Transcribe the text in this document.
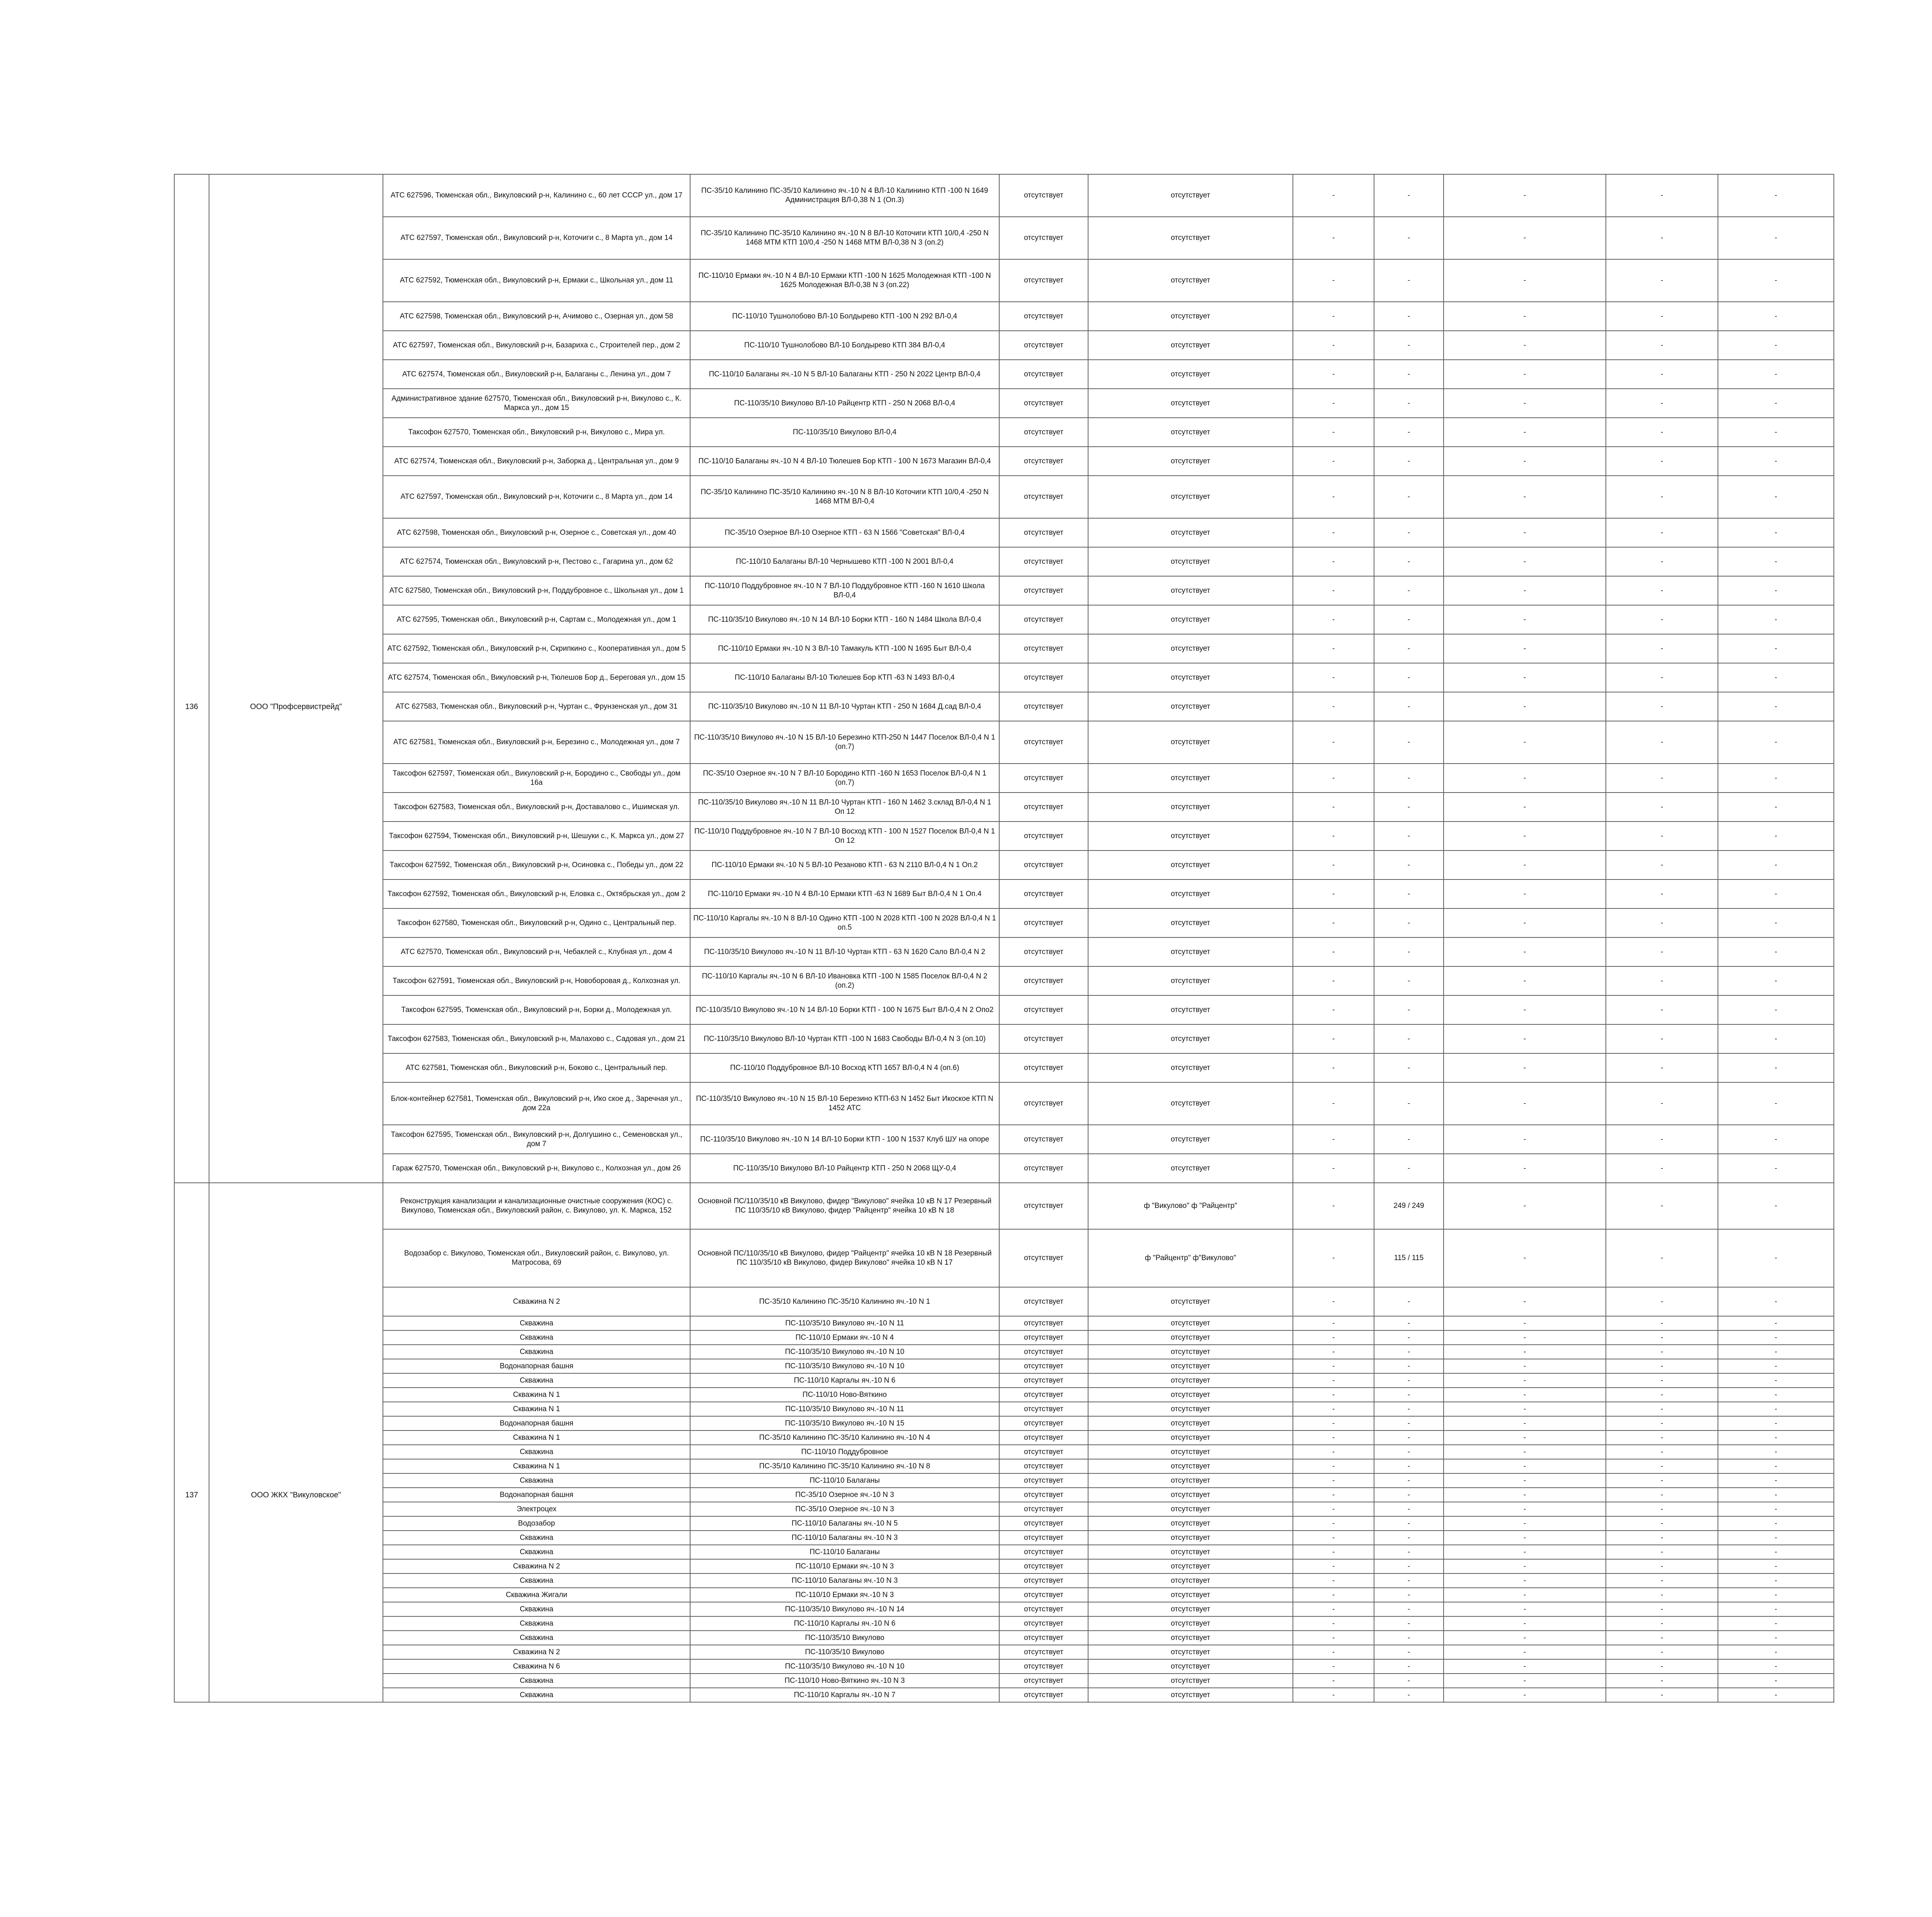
		АТС 627596, Тюменская обл., Викуловский р-н, Калинино с., 60 лет СССР ул., дом 17	ПС-35/10 Калинино ПС-35/10 Калинино яч.-10 N 4 ВЛ-10 Калинино КТП -100 N 1649 Администрация ВЛ-0,38 N 1 (Оп.3)	отсутствует	отсутствует	-	-	-	-	-
		АТС 627597, Тюменская обл., Викуловский р-н, Коточиги с., 8 Марта ул., дом 14	ПС-35/10 Калинино ПС-35/10 Калинино яч.-10 N 8 ВЛ-10 Коточиги КТП 10/0,4 -250 N 1468 МТМ КТП 10/0,4 -250 N 1468 МТМ ВЛ-0,38 N 3 (оп.2)	отсутствует	отсутствует	-	-	-	-	-
		АТС 627592, Тюменская обл., Викуловский р-н, Ермаки с., Школьная ул., дом 11	ПС-110/10 Ермаки яч.-10 N 4 ВЛ-10 Ермаки КТП -100 N 1625 Молодежная КТП -100 N 1625 Молодежная ВЛ-0,38 N 3 (оп.22)	отсутствует	отсутствует	-	-	-	-	-
		АТС 627598, Тюменская обл., Викуловский р-н, Ачимово с., Озерная ул., дом 58	ПС-110/10 Тушнолобово ВЛ-10 Болдырево КТП -100 N 292 ВЛ-0,4	отсутствует	отсутствует	-	-	-	-	-
		АТС 627597, Тюменская обл., Викуловский р-н, Базариха с., Строителей пер., дом 2	ПС-110/10 Тушнолобово ВЛ-10 Болдырево КТП 384 ВЛ-0,4	отсутствует	отсутствует	-	-	-	-	-
		АТС 627574, Тюменская обл., Викуловский р-н, Балаганы с., Ленина ул., дом 7	ПС-110/10 Балаганы яч.-10 N 5 ВЛ-10 Балаганы КТП - 250 N 2022 Центр ВЛ-0,4	отсутствует	отсутствует	-	-	-	-	-
		Административное здание 627570, Тюменская обл., Викуловский р-н, Викулово с., К. Маркса ул., дом 15	ПС-110/35/10 Викулово ВЛ-10 Райцентр КТП - 250 N 2068 ВЛ-0,4	отсутствует	отсутствует	-	-	-	-	-
		Таксофон 627570, Тюменская обл., Викуловский р-н, Викулово с., Мира ул.	ПС-110/35/10 Викулово ВЛ-0,4	отсутствует	отсутствует	-	-	-	-	-
		АТС 627574, Тюменская обл., Викуловский р-н, Заборка д., Центральная ул., дом 9	ПС-110/10 Балаганы яч.-10 N 4 ВЛ-10 Тюлешев Бор КТП - 100 N 1673 Магазин ВЛ-0,4	отсутствует	отсутствует	-	-	-	-	-
		АТС 627597, Тюменская обл., Викуловский р-н, Коточиги с., 8 Марта ул., дом 14	ПС-35/10 Калинино ПС-35/10 Калинино яч.-10 N 8 ВЛ-10 Коточиги КТП 10/0,4 -250 N 1468 МТМ ВЛ-0,4	отсутствует	отсутствует	-	-	-	-	-
		АТС 627598, Тюменская обл., Викуловский р-н, Озерное с., Советская ул., дом 40	ПС-35/10 Озерное ВЛ-10 Озерное КТП - 63 N 1566 "Советская" ВЛ-0,4	отсутствует	отсутствует	-	-	-	-	-
		АТС 627574, Тюменская обл., Викуловский р-н, Пестово с., Гагарина ул., дом 62	ПС-110/10 Балаганы ВЛ-10 Чернышево КТП -100 N 2001 ВЛ-0,4	отсутствует	отсутствует	-	-	-	-	-
		АТС 627580, Тюменская обл., Викуловский р-н, Поддубровное с., Школьная ул., дом 1	ПС-110/10 Поддубровное яч.-10 N 7 ВЛ-10 Поддубровное КТП -160 N 1610 Школа ВЛ-0,4	отсутствует	отсутствует	-	-	-	-	-
		АТС 627595, Тюменская обл., Викуловский р-н, Сартам с., Молодежная ул., дом 1	ПС-110/35/10 Викулово яч.-10 N 14 ВЛ-10 Борки КТП - 160 N 1484 Школа ВЛ-0,4	отсутствует	отсутствует	-	-	-	-	-
		АТС 627592, Тюменская обл., Викуловский р-н, Скрипкино с., Кооперативная ул., дом 5	ПС-110/10 Ермаки яч.-10 N 3 ВЛ-10 Тамакуль КТП -100 N 1695 Быт ВЛ-0,4	отсутствует	отсутствует	-	-	-	-	-
		АТС 627574, Тюменская обл., Викуловский р-н, Тюлешов Бор д., Береговая ул., дом 15	ПС-110/10 Балаганы ВЛ-10 Тюлешев Бор КТП -63 N 1493 ВЛ-0,4	отсутствует	отсутствует	-	-	-	-	-
136	ООО "Профсервистрейд"	АТС 627583, Тюменская обл., Викуловский р-н, Чуртан с., Фрунзенская ул., дом 31	ПС-110/35/10 Викулово яч.-10 N 11 ВЛ-10 Чуртан КТП - 250 N 1684 Д.сад ВЛ-0,4	отсутствует	отсутствует	-	-	-	-	-
		АТС 627581, Тюменская обл., Викуловский р-н, Березино с., Молодежная ул., дом 7	ПС-110/35/10 Викулово яч.-10 N 15 ВЛ-10 Березино КТП-250 N 1447 Поселок ВЛ-0,4 N 1 (оп.7)	отсутствует	отсутствует	-	-	-	-	-
		Таксофон 627597, Тюменская обл., Викуловский р-н, Бородино с., Свободы ул., дом 16а	ПС-35/10 Озерное яч.-10 N 7 ВЛ-10 Бородино КТП -160 N 1653 Поселок ВЛ-0,4 N 1 (оп.7)	отсутствует	отсутствует	-	-	-	-	-
		Таксофон 627583, Тюменская обл., Викуловский р-н, Доставалово с., Ишимская ул.	ПС-110/35/10 Викулово яч.-10 N 11 ВЛ-10 Чуртан КТП - 160 N 1462 3.склад ВЛ-0,4 N 1 Оп 12	отсутствует	отсутствует	-	-	-	-	-
		Таксофон 627594, Тюменская обл., Викуловский р-н, Шешуки с., К. Маркса ул., дом 27	ПС-110/10 Поддубровное яч.-10 N 7 ВЛ-10 Восход КТП - 100 N 1527 Поселок ВЛ-0,4 N 1 Оп 12	отсутствует	отсутствует	-	-	-	-	-
		Таксофон 627592, Тюменская обл., Викуловский р-н, Осиновка с., Победы ул., дом 22	ПС-110/10 Ермаки яч.-10 N 5 ВЛ-10 Резаново КТП - 63 N 2110 ВЛ-0,4 N 1 Оп.2	отсутствует	отсутствует	-	-	-	-	-
		Таксофон 627592, Тюменская обл., Викуловский р-н, Еловка с., Октябрьская ул., дом 2	ПС-110/10 Ермаки яч.-10 N 4 ВЛ-10 Ермаки КТП -63 N 1689 Быт ВЛ-0,4 N 1 Оп.4	отсутствует	отсутствует	-	-	-	-	-
		Таксофон 627580, Тюменская обл., Викуловский р-н, Одино с., Центральный пер.	ПС-110/10 Каргалы яч.-10 N 8 ВЛ-10 Одино КТП -100 N 2028 КТП -100 N 2028 ВЛ-0,4 N 1 оп.5	отсутствует	отсутствует	-	-	-	-	-
		АТС 627570, Тюменская обл., Викуловский р-н, Чебаклей с., Клубная ул., дом 4	ПС-110/35/10 Викулово яч.-10 N 11 ВЛ-10 Чуртан КТП - 63 N 1620 Сало ВЛ-0,4 N 2	отсутствует	отсутствует	-	-	-	-	-
		Таксофон 627591, Тюменская обл., Викуловский р-н, Новоборовая д., Колхозная ул.	ПС-110/10 Каргалы яч.-10 N 6 ВЛ-10 Ивановка КТП -100 N 1585 Поселок ВЛ-0,4 N 2 (оп.2)	отсутствует	отсутствует	-	-	-	-	-
		Таксофон 627595, Тюменская обл., Викуловский р-н, Борки д., Молодежная ул.	ПС-110/35/10 Викулово яч.-10 N 14 ВЛ-10 Борки КТП - 100 N 1675 Быт ВЛ-0,4 N 2 Опо2	отсутствует	отсутствует	-	-	-	-	-
		Таксофон 627583, Тюменская обл., Викуловский р-н, Малахово с., Садовая ул., дом 21	ПС-110/35/10 Викулово ВЛ-10 Чуртан КТП -100 N 1683 Свободы ВЛ-0,4 N 3 (оп.10)	отсутствует	отсутствует	-	-	-	-	-
		АТС 627581, Тюменская обл., Викуловский р-н, Боково с., Центральный пер.	ПС-110/10 Поддубровное ВЛ-10 Восход КТП 1657 ВЛ-0,4 N 4 (оп.6)	отсутствует	отсутствует	-	-	-	-	-
		Блок-контейнер 627581, Тюменская обл., Викуловский р-н, Ико ское д., Заречная ул., дом 22а	ПС-110/35/10 Викулово яч.-10 N 15 ВЛ-10 Березино КТП-63 N 1452 Быт Икоское КТП N 1452 АТС	отсутствует	отсутствует	-	-	-	-	-
		Таксофон 627595, Тюменская обл., Викуловский р-н, Долгушино с., Семеновская ул., дом 7	ПС-110/35/10 Викулово яч.-10 N 14 ВЛ-10 Борки КТП - 100 N 1537 Клуб ШУ на опоре	отсутствует	отсутствует	-	-	-	-	-
		Гараж 627570, Тюменская обл., Викуловский р-н, Викулово с., Колхозная ул., дом 26	ПС-110/35/10 Викулово ВЛ-10 Райцентр КТП - 250 N 2068 ЩУ-0,4	отсутствует	отсутствует	-	-	-	-	-
		Реконструкция канализации и канализационные очистные сооружения (КОС) с. Викулово, Тюменская обл., Викуловский район, с. Викулово, ул. К. Маркса, 152	Основной ПС/110/35/10 кВ Викулово, фидер "Викулово" ячейка 10 кВ N 17 Резервный ПС 110/35/10 кВ Викулово, фидер "Райцентр" ячейка 10 кВ N 18	отсутствует	ф "Викулово" ф "Райцентр"	-	249 / 249	-	-	-
		Водозабор с. Викулово, Тюменская обл., Викуловский район, с. Викулово, ул. Матросова, 69	Основной ПС/110/35/10 кВ Викулово, фидер "Райцентр" ячейка 10 кВ N 18 Резервный ПС 110/35/10 кВ Викулово, фидер Викулово" ячейка 10 кВ N 17	отсутствует	ф "Райцентр" ф"Викулово"	-	115 / 115	-	-	-
		Скважина N 2	ПС-35/10 Калинино ПС-35/10 Калинино яч.-10 N 1	отсутствует	отсутствует	-	-	-	-	-
		Скважина	ПС-110/35/10 Викулово яч.-10 N 11	отсутствует	отсутствует	-	-	-	-	-
		Скважина	ПС-110/10 Ермаки яч.-10 N 4	отсутствует	отсутствует	-	-	-	-	-
		Скважина	ПС-110/35/10 Викулово яч.-10 N 10	отсутствует	отсутствует	-	-	-	-	-
		Водонапорная башня	ПС-110/35/10 Викулово яч.-10 N 10	отсутствует	отсутствует	-	-	-	-	-
		Скважина	ПС-110/10 Каргалы яч.-10 N 6	отсутствует	отсутствует	-	-	-	-	-
		Скважина N 1	ПС-110/10 Ново-Вяткино	отсутствует	отсутствует	-	-	-	-	-
		Скважина N 1	ПС-110/35/10 Викулово яч.-10 N 11	отсутствует	отсутствует	-	-	-	-	-
		Водонапорная башня	ПС-110/35/10 Викулово яч.-10 N 15	отсутствует	отсутствует	-	-	-	-	-
		Скважина N 1	ПС-35/10 Калинино ПС-35/10 Калинино яч.-10 N 4	отсутствует	отсутствует	-	-	-	-	-
		Скважина	ПС-110/10 Поддубровное	отсутствует	отсутствует	-	-	-	-	-
		Скважина N 1	ПС-35/10 Калинино ПС-35/10 Калинино яч.-10 N 8	отсутствует	отсутствует	-	-	-	-	-
		Скважина	ПС-110/10 Балаганы	отсутствует	отсутствует	-	-	-	-	-
137	ООО ЖКХ "Викуловское"	Водонапорная башня	ПС-35/10 Озерное яч.-10 N 3	отсутствует	отсутствует	-	-	-	-	-
		Электроцех	ПС-35/10 Озерное яч.-10 N 3	отсутствует	отсутствует	-	-	-	-	-
		Водозабор	ПС-110/10 Балаганы яч.-10 N 5	отсутствует	отсутствует	-	-	-	-	-
		Скважина	ПС-110/10 Балаганы яч.-10 N 3	отсутствует	отсутствует	-	-	-	-	-
		Скважина	ПС-110/10 Балаганы	отсутствует	отсутствует	-	-	-	-	-
		Скважина N 2	ПС-110/10 Ермаки яч.-10 N 3	отсутствует	отсутствует	-	-	-	-	-
		Скважина	ПС-110/10 Балаганы яч.-10 N 3	отсутствует	отсутствует	-	-	-	-	-
		Скважина Жигали	ПС-110/10 Ермаки яч.-10 N 3	отсутствует	отсутствует	-	-	-	-	-
		Скважина	ПС-110/35/10 Викулово яч.-10 N 14	отсутствует	отсутствует	-	-	-	-	-
		Скважина	ПС-110/10 Каргалы яч.-10 N 6	отсутствует	отсутствует	-	-	-	-	-
		Скважина	ПС-110/35/10 Викулово	отсутствует	отсутствует	-	-	-	-	-
		Скважина N 2	ПС-110/35/10 Викулово	отсутствует	отсутствует	-	-	-	-	-
		Скважина N 6	ПС-110/35/10 Викулово яч.-10 N 10	отсутствует	отсутствует	-	-	-	-	-
		Скважина	ПС-110/10 Ново-Вяткино яч.-10 N 3	отсутствует	отсутствует	-	-	-	-	-
		Скважина	ПС-110/10 Каргалы яч.-10 N 7	отсутствует	отсутствует	-	-	-	-	-
